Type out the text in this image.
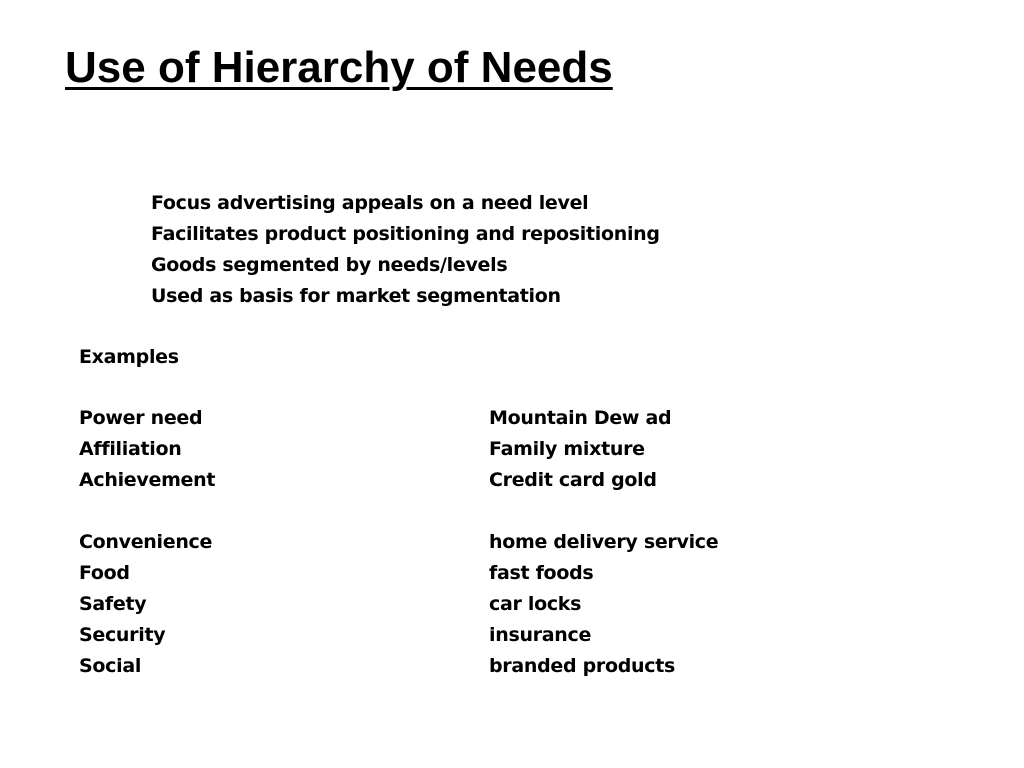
Use of Hierarchy of Needs
Focus advertising appeals on a need level
Facilitates product positioning and repositioning
Goods segmented by needs/levels
Used as basis for market segmentation
Examples
Power need	Mountain Dew ad
Affiliation	Family mixture
Achievement	Credit card gold
Convenience	home delivery service
Food	fast foods
Safety	car locks
Security	insurance
Social	branded products
